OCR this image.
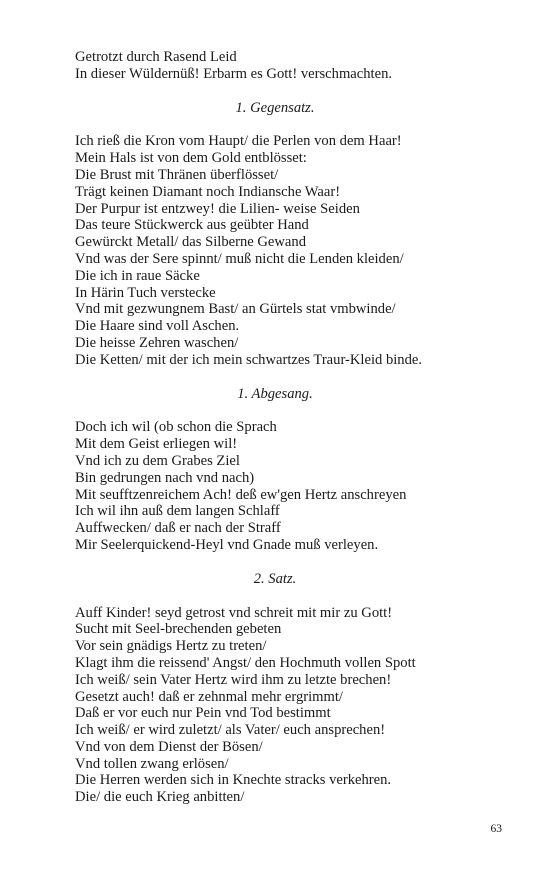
Getrotzt durch Rasend Leid
In dieser Wüldernüß! Erbarm es Gott! verschmachten.
1. Gegensatz.
Ich rieß die Kron vom Haupt/ die Perlen von dem Haar!
Mein Hals ist von dem Gold entblösset:
Die Brust mit Thränen überflösset/
Trägt keinen Diamant noch Indiansche Waar!
Der Purpur ist entzwey! die Lilien- weise Seiden
Das teure Stückwerck aus geübter Hand
Gewürckt Metall/ das Silberne Gewand
Vnd was der Sere spinnt/ muß nicht die Lenden kleiden/
Die ich in raue Säcke
In Härin Tuch verstecke
Vnd mit gezwungnem Bast/ an Gürtels stat vmbwinde/
Die Haare sind voll Aschen.
Die heisse Zehren waschen/
Die Ketten/ mit der ich mein schwartzes Traur-Kleid binde.
1. Abgesang.
Doch ich wil (ob schon die Sprach
Mit dem Geist erliegen wil!
Vnd ich zu dem Grabes Ziel
Bin gedrungen nach vnd nach)
Mit seufftzenreichem Ach! deß ew'gen Hertz anschreyen
Ich wil ihn auß dem langen Schlaff
Auffwecken/ daß er nach der Straff
Mir Seelerquickend-Heyl vnd Gnade muß verleyen.
2. Satz.
Auff Kinder! seyd getrost vnd schreit mit mir zu Gott!
Sucht mit Seel-brechenden gebeten
Vor sein gnädigs Hertz zu treten/
Klagt ihm die reissend' Angst/ den Hochmuth vollen Spott
Ich weiß/ sein Vater Hertz wird ihm zu letzte brechen!
Gesetzt auch! daß er zehnmal mehr ergrimmt/
Daß er vor euch nur Pein vnd Tod bestimmt
Ich weiß/ er wird zuletzt/ als Vater/ euch ansprechen!
Vnd von dem Dienst der Bösen/
Vnd tollen zwang erlösen/
Die Herren werden sich in Knechte stracks verkehren.
Die/ die euch Krieg anbitten/
63
